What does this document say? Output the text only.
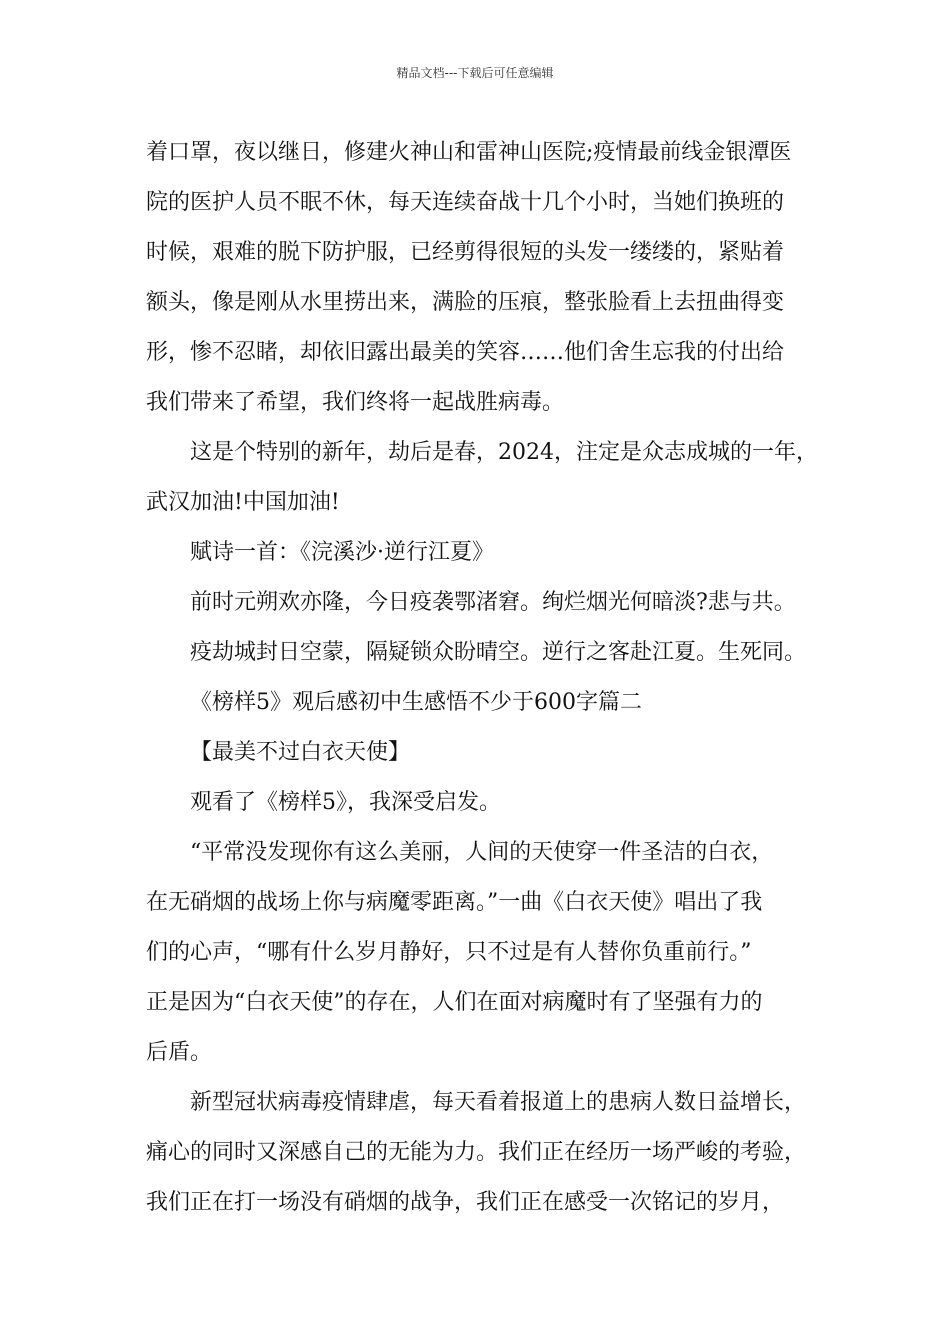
精品文档---下载后可任意编辑

着口罩，夜以继日，修建火神山和雷神山医院;疫情最前线金银潭医
院的医护人员不眠不休，每天连续奋战十几个小时，当她们换班的
时候，艰难的脱下防护服，已经剪得很短的头发一缕缕的，紧贴着
额头，像是刚从水里捞出来，满脸的压痕，整张脸看上去扭曲得变
形，惨不忍睹，却依旧露出最美的笑容……他们舍生忘我的付出给
我们带来了希望，我们终将一起战胜病毒。

这是个特别的新年，劫后是春，2024，注定是众志成城的一年，
武汉加油!中国加油!

赋诗一首：《浣溪沙·逆行江夏》

前时元朔欢亦隆，今日疫袭鄂渚窘。绚烂烟光何暗淡?悲与共。

疫劫城封日空蒙，隔疑锁众盼晴空。逆行之客赴江夏。生死同。

《榜样5》观后感初中生感悟不少于600字篇二

【最美不过白衣天使】

观看了《榜样5》，我深受启发。

“平常没发现你有这么美丽，人间的天使穿一件圣洁的白衣，
在无硝烟的战场上你与病魔零距离。”一曲《白衣天使》唱出了我
们的心声，“哪有什么岁月静好，只不过是有人替你负重前行。”
正是因为“白衣天使”的存在，人们在面对病魔时有了坚强有力的
后盾。

新型冠状病毒疫情肆虐，每天看着报道上的患病人数日益增长，
痛心的同时又深感自己的无能为力。我们正在经历一场严峻的考验，
我们正在打一场没有硝烟的战争，我们正在感受一次铭记的岁月，
